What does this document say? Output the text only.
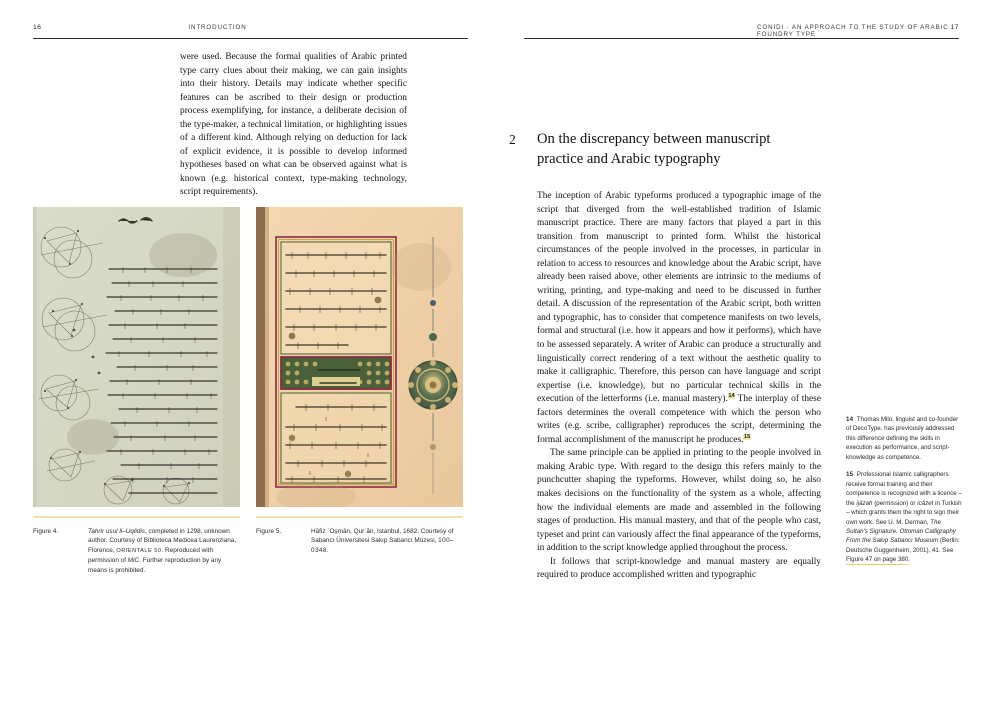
16	INTRODUCTION

were used. Because the formal qualities of Arabic printed type carry clues about their making, we can gain insights into their history. Details may indicate whether specific features can be ascribed to their design or production process exemplifying, for instance, a deliberate decision of the type-maker, a technical limitation, or highlighting issues of a different kind. Although relying on deduction for lack of explicit evidence, it is possible to develop informed hypotheses based on what can be observed against what is known (e.g. historical context, type-making technology, script requirements).

Figure 4.	Tahrir usul li–Uqlidis, completed in 1298, unknown author. Courtesy of Biblioteca Medicea Laurenziana, Florence, ORIENTALE 50. Reproduced with permission of MiC. Further reproduction by any means is prohibited.
Figure 5.	Hāfiz ʿOs̱mān, Qurʾān, Istanbul, 1682. Courtesy of Sabancı Üniversitesi Sakıp Sabancı Müzesi, 100–0348.
CONIDI · AN APPROACH TO THE STUDY OF ARABIC FOUNDRY TYPE
17
2	On the discrepancy between manuscript practice and Arabic typography

The inception of Arabic typeforms produced a typographic image of the script that diverged from the well-established tradition of Islamic manuscript practice. There are many factors that played a part in this transition from manuscript to printed form. Whilst the historical circumstances of the people involved in the processes, in particular in relation to access to resources and knowledge about the Arabic script, have already been raised above, other elements are intrinsic to the mediums of writing, printing, and type-making and need to be discussed in further detail. A discussion of the representation of the Arabic script, both written and typographic, has to consider that competence manifests on two levels, formal and structural (i.e. how it appears and how it performs), which have to be assessed separately. A writer of Arabic can produce a structurally and linguistically correct rendering of a text without the aesthetic quality to make it calligraphic. Therefore, this person can have language and script expertise (i.e. knowledge), but no particular technical skills in the execution of the letterforms (i.e. manual mastery).$^{14}$ The interplay of these factors determines the overall competence with which the person who writes (e.g. scribe, calligrapher) reproduces the script, determining the formal accomplishment of the manuscript he produces.$^{15}$

The same principle can be applied in printing to the people involved in making Arabic type. With regard to the design this refers mainly to the punchcutter shaping the typeforms. However, whilst doing so, he also makes decisions on the functionality of the system as a whole, affecting how the individual elements are made and assembled in the following stages of production. His manual mastery, and that of the people who cast, typeset and print can variously affect the final appearance of the typeforms, in addition to the script knowledge applied throughout the process.

It follows that script-knowledge and manual mastery are equally required to produce accomplished written and typographic

14 Thomas Milo, linguist and co-founder of DecoType, has previously addressed this difference defining the skills in execution as performance, and script-knowledge as competence.
15 Professional Islamic calligraphers receive formal training and their competence is recognized with a licence – the ijāzah (permission) or icâzet in Turkish – which grants them the right to sign their own work. See U. M. Derman, The Sultan's Signature. Ottoman Calligraphy From the Sakıp Sabancı Museum (Berlin: Deutsche Guggenheim, 2001), 41. See Figure 47 on page 380.
